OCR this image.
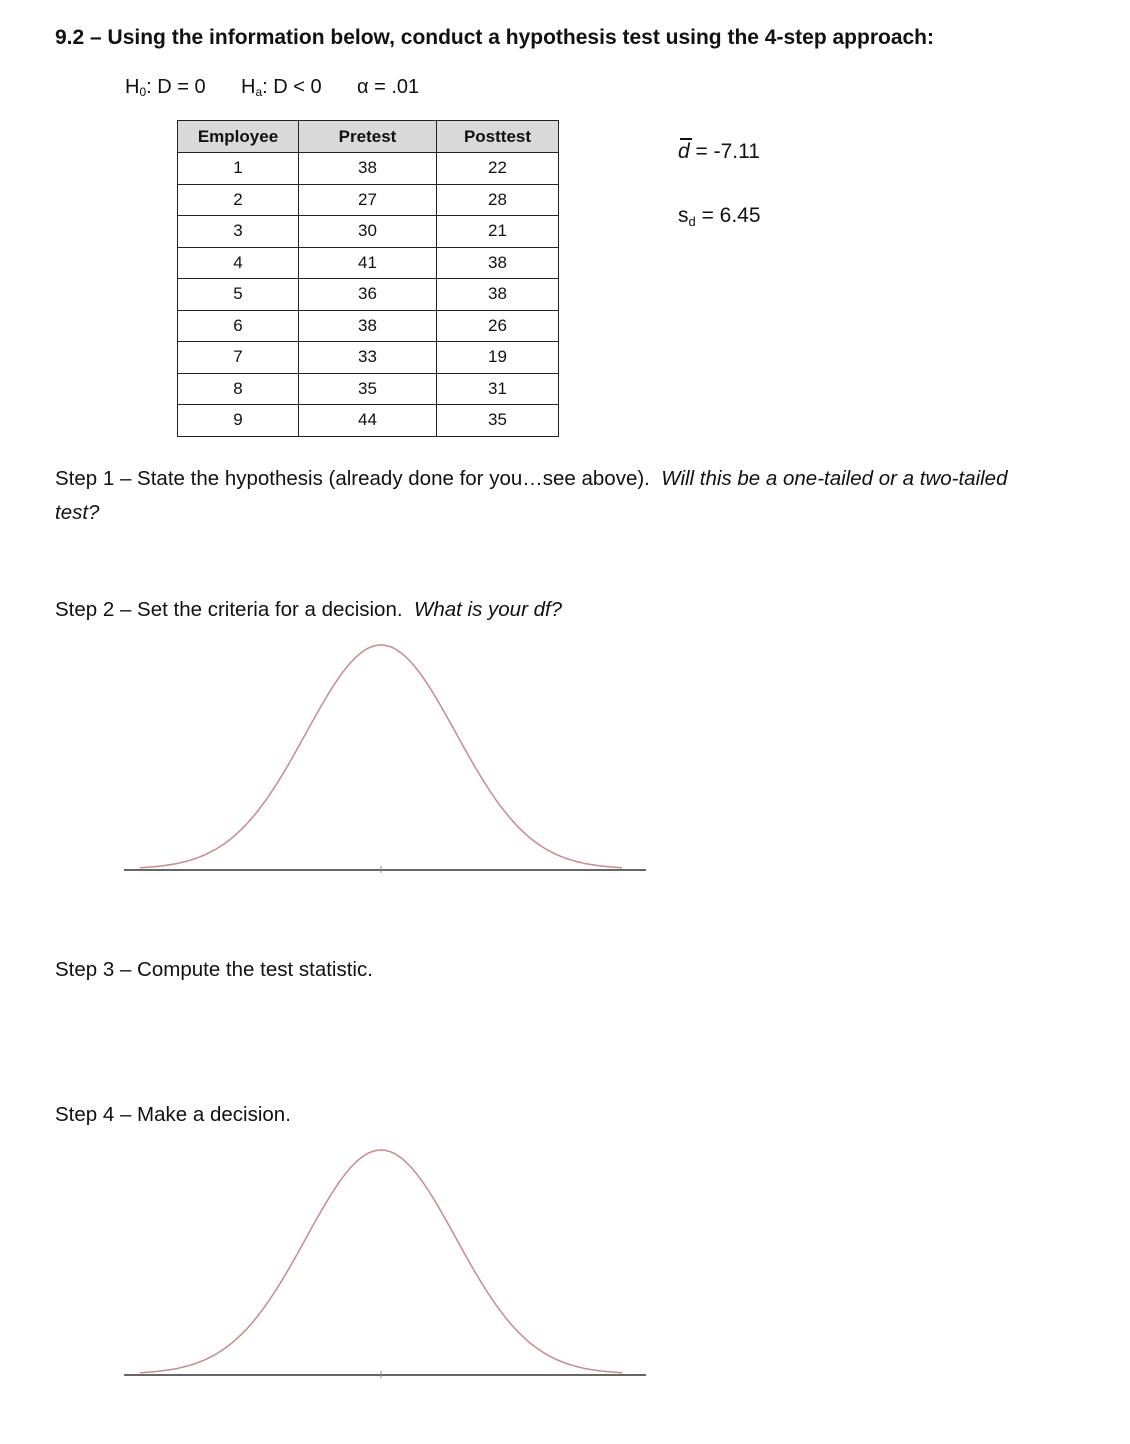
9.2 – Using the information below, conduct a hypothesis test using the 4-step approach:
$H_0$: D = 0 $H_a$: D < 0 α = .01
Employee	Pretest	Posttest
1	38	22
2	27	28
3	30	21
4	41	38
5	36	38
6	38	26
7	33	19
8	35	31
9	44	35
d = -7.11
sd = 6.45
Step 1 – State the hypothesis (already done for you…see above). Will this be a one-tailed or a two-tailed test?
Step 2 – Set the criteria for a decision. What is your df?
Step 3 – Compute the test statistic.
Step 4 – Make a decision.
